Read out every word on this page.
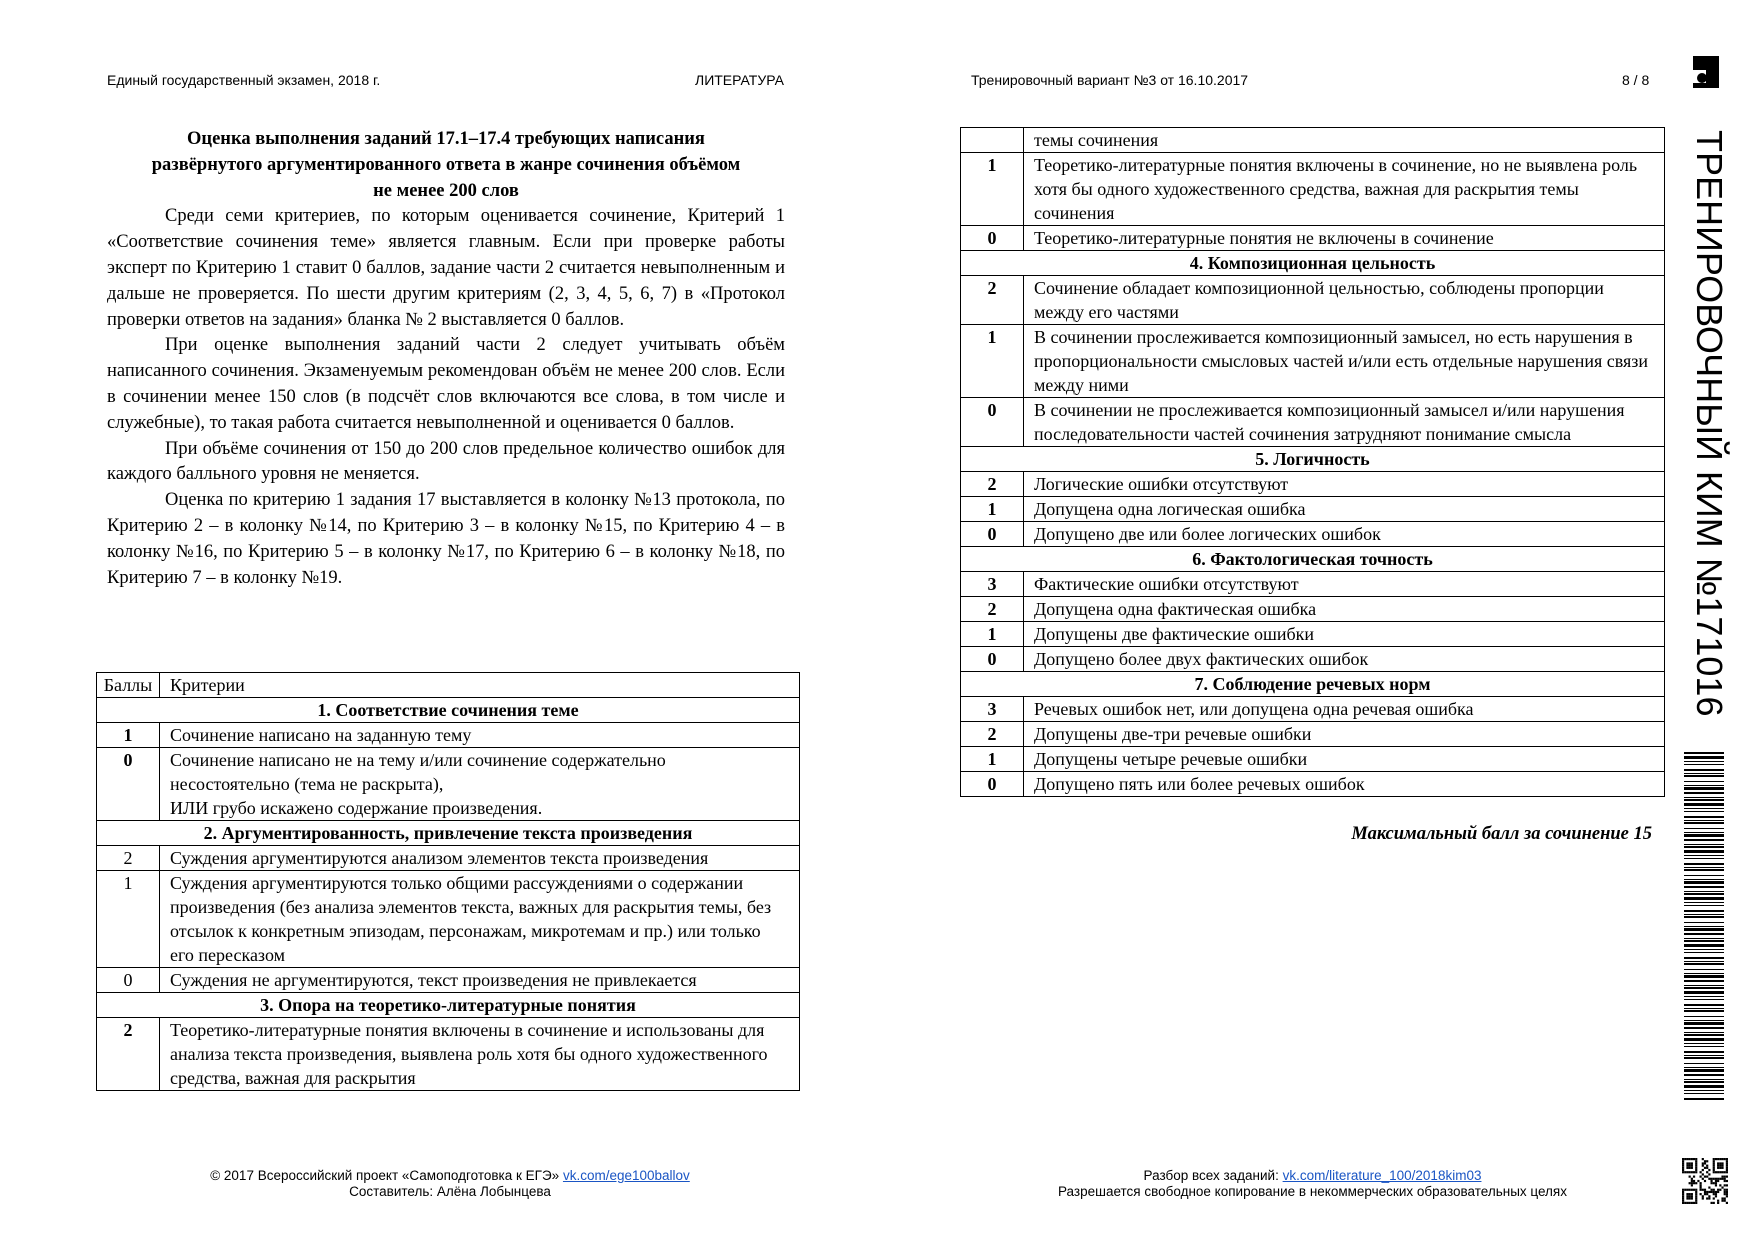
Единый государственный экзамен, 2018 г.	ЛИТЕРАТУРА	Тренировочный вариант №3 от 16.10.2017	8 / 8
Оценка выполнения заданий 17.1–17.4 требующих написания
развёрнутого аргументированного ответа в жанре сочинения объёмом
не менее 200 слов

Среди семи критериев, по которым оценивается сочинение, Критерий 1 «Соответствие сочинения теме» является главным. Если при проверке работы эксперт по Критерию 1 ставит 0 баллов, задание части 2 считается невыполненным и дальше не проверяется. По шести другим критериям (2, 3, 4, 5, 6, 7) в «Протокол проверки ответов на задания» бланка № 2 выставляется 0 баллов.

При оценке выполнения заданий части 2 следует учитывать объём написанного сочинения. Экзаменуемым рекомендован объём не менее 200 слов. Если в сочинении менее 150 слов (в подсчёт слов включаются все слова, в том числе и служебные), то такая работа считается невыполненной и оценивается 0 баллов.

При объёме сочинения от 150 до 200 слов предельное количество ошибок для каждого балльного уровня не меняется.

Оценка по критерию 1 задания 17 выставляется в колонку №13 протокола, по Критерию 2 – в колонку №14, по Критерию 3 – в колонку №15, по Критерию 4 – в колонку №16, по Критерию 5 – в колонку №17, по Критерию 6 – в колонку №18, по Критерию 7 – в колонку №19.

Баллы	Критерии
1. Соответствие сочинения теме	
1	Сочинение написано на заданную тему
0	Сочинение написано не на тему и/или сочинение содержательно несостоятельно (тема не раскрыта),
ИЛИ грубо искажено содержание произведения.

2. Аргументированность, привлечение текста произведения	
2	Суждения аргументируются анализом элементов текста произведения
1	Суждения аргументируются только общими рассуждениями о содержании произведения (без анализа элементов текста, важных для раскрытия темы, без отсылок к конкретным эпизодам, персонажам, микротемам и пр.) или только его пересказом
0	Суждения не аргументируются, текст произведения не привлекается
3. Опора на теоретико-литературные понятия	
2	Теоретико-литературные понятия включены в сочинение и использованы для анализа текста произведения, выявлена роль хотя бы одного художественного средства, важная для раскрытия
	темы сочинения
1	Теоретико-литературные понятия включены в сочинение, но не выявлена роль хотя бы одного художественного средства, важная для раскрытия темы сочинения
0	Теоретико-литературные понятия не включены в сочинение
4. Композиционная цельность	
2	Сочинение обладает композиционной цельностью, соблюдены пропорции между его частями
1	В сочинении прослеживается композиционный замысел, но есть нарушения в пропорциональности смысловых частей и/или есть отдельные нарушения связи между ними
0	В сочинении не прослеживается композиционный замысел и/или нарушения последовательности частей сочинения затрудняют понимание смысла
5. Логичность	
2	Логические ошибки отсутствуют
1	Допущена одна логическая ошибка
0	Допущено две или более логических ошибок
6. Фактологическая точность	
3	Фактические ошибки отсутствуют
2	Допущена одна фактическая ошибка
1	Допущены две фактические ошибки
0	Допущено более двух фактических ошибок
7. Соблюдение речевых норм	
3	Речевых ошибок нет, или допущена одна речевая ошибка
2	Допущены две-три речевые ошибки
1	Допущены четыре речевые ошибки
0	Допущено пять или более речевых ошибок
Максимальный балл за сочинение 15
© 2017 Всероссийский проект «Самоподготовка к ЕГЭ» vk.com/ege100ballov
Составитель: Алёна Лобынцева
Разбор всех заданий: vk.com/literature_100/2018kim03
Разрешается свободное копирование в некоммерческих образовательных целях
ТРЕНИРОВОЧНЫЙ КИМ №171016
